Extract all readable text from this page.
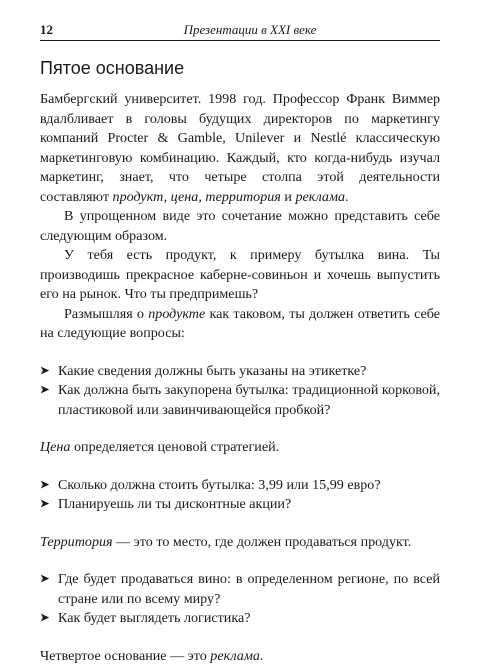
12	Презентации в XXI веке
Пятое основание

Бамбергский университет. 1998 год. Профессор Франк Виммер вдалбливает в головы будущих директоров по маркетингу компаний Procter & Gamble, Unilever и Nestlé классическую маркетинговую комбинацию. Каждый, кто когда-нибудь изучал маркетинг, знает, что четыре столпа этой деятельности составляют продукт, цена, территория и реклама.

В упрощенном виде это сочетание можно представить себе следующим образом.

У тебя есть продукт, к примеру бутылка вина. Ты производишь прекрасное каберне-совиньон и хочешь выпустить его на рынок. Что ты предпримешь?

Размышляя о продукте как таковом, ты должен ответить себе на следующие вопросы:

➤ Какие сведения должны быть указаны на этикетке?
➤ Как должна быть закупорена бутылка: традиционной корковой, пластиковой или завинчивающейся пробкой?

Цена определяется ценовой стратегией.

➤ Сколько должна стоить бутылка: 3,99 или 15,99 евро?
➤ Планируешь ли ты дисконтные акции?

Территория — это то место, где должен продаваться продукт.

➤ Где будет продаваться вино: в определенном регионе, по всей стране или по всему миру?
➤ Как будет выглядеть логистика?

Четвертое основание — это реклама.
